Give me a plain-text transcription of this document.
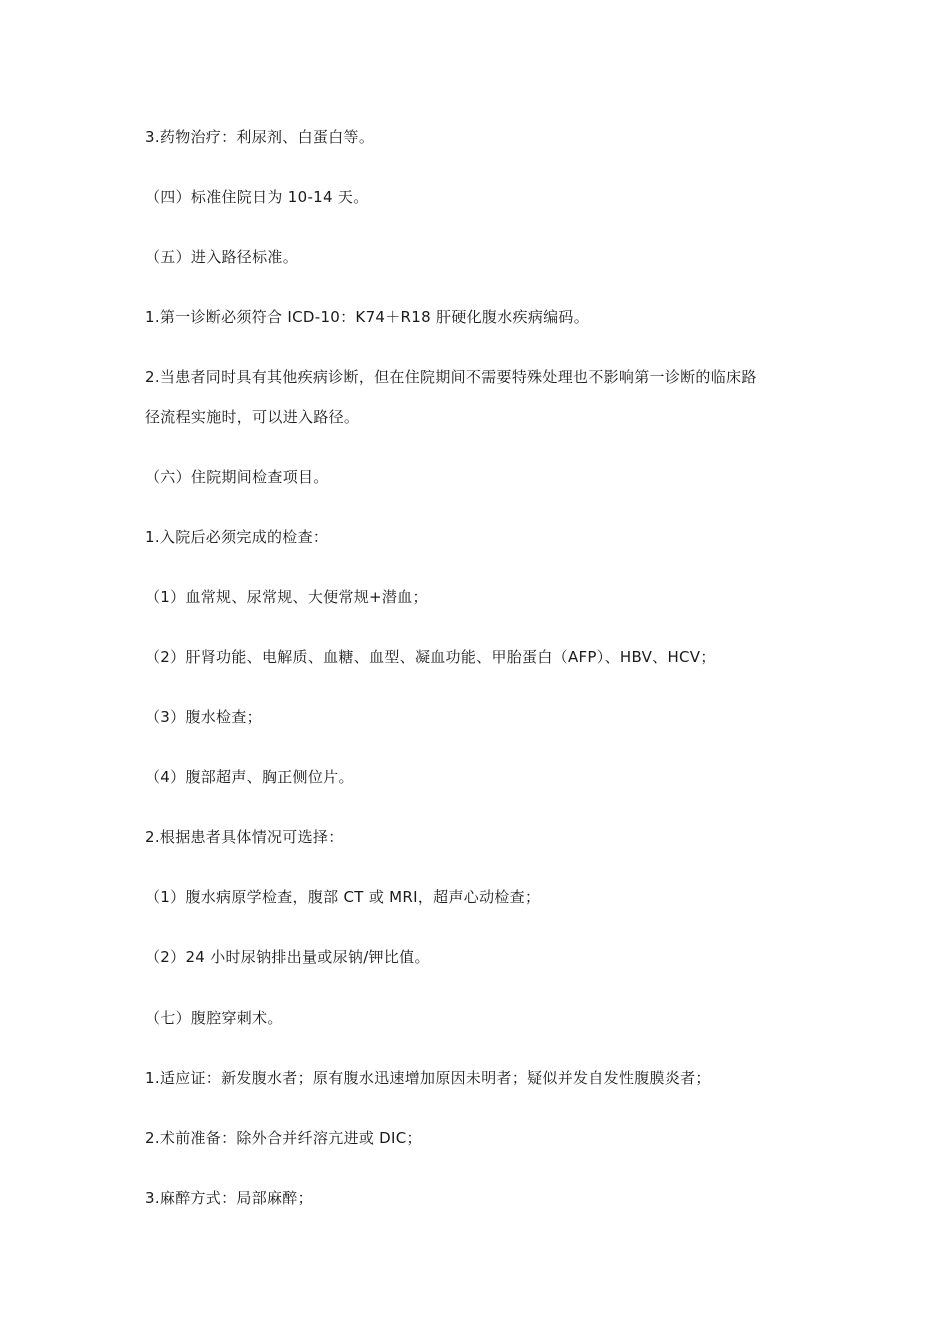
3.药物治疗：利尿剂、白蛋白等。
（四）标准住院日为 10-14 天。
（五）进入路径标准。
1.第一诊断必须符合 ICD-10：K74＋R18 肝硬化腹水疾病编码。
2.当患者同时具有其他疾病诊断，但在住院期间不需要特殊处理也不影响第一诊断的临床路
径流程实施时，可以进入路径。
（六）住院期间检查项目。
1.入院后必须完成的检查：
（1）血常规、尿常规、大便常规+潜血；
（2）肝肾功能、电解质、血糖、血型、凝血功能、甲胎蛋白（AFP）、HBV、HCV；
（3）腹水检查；
（4）腹部超声、胸正侧位片。
2.根据患者具体情况可选择：
（1）腹水病原学检查，腹部 CT 或 MRI，超声心动检查；
（2）24 小时尿钠排出量或尿钠/钾比值。
（七）腹腔穿刺术。
1.适应证：新发腹水者；原有腹水迅速增加原因未明者；疑似并发自发性腹膜炎者；
2.术前准备：除外合并纤溶亢进或 DIC；
3.麻醉方式：局部麻醉；
